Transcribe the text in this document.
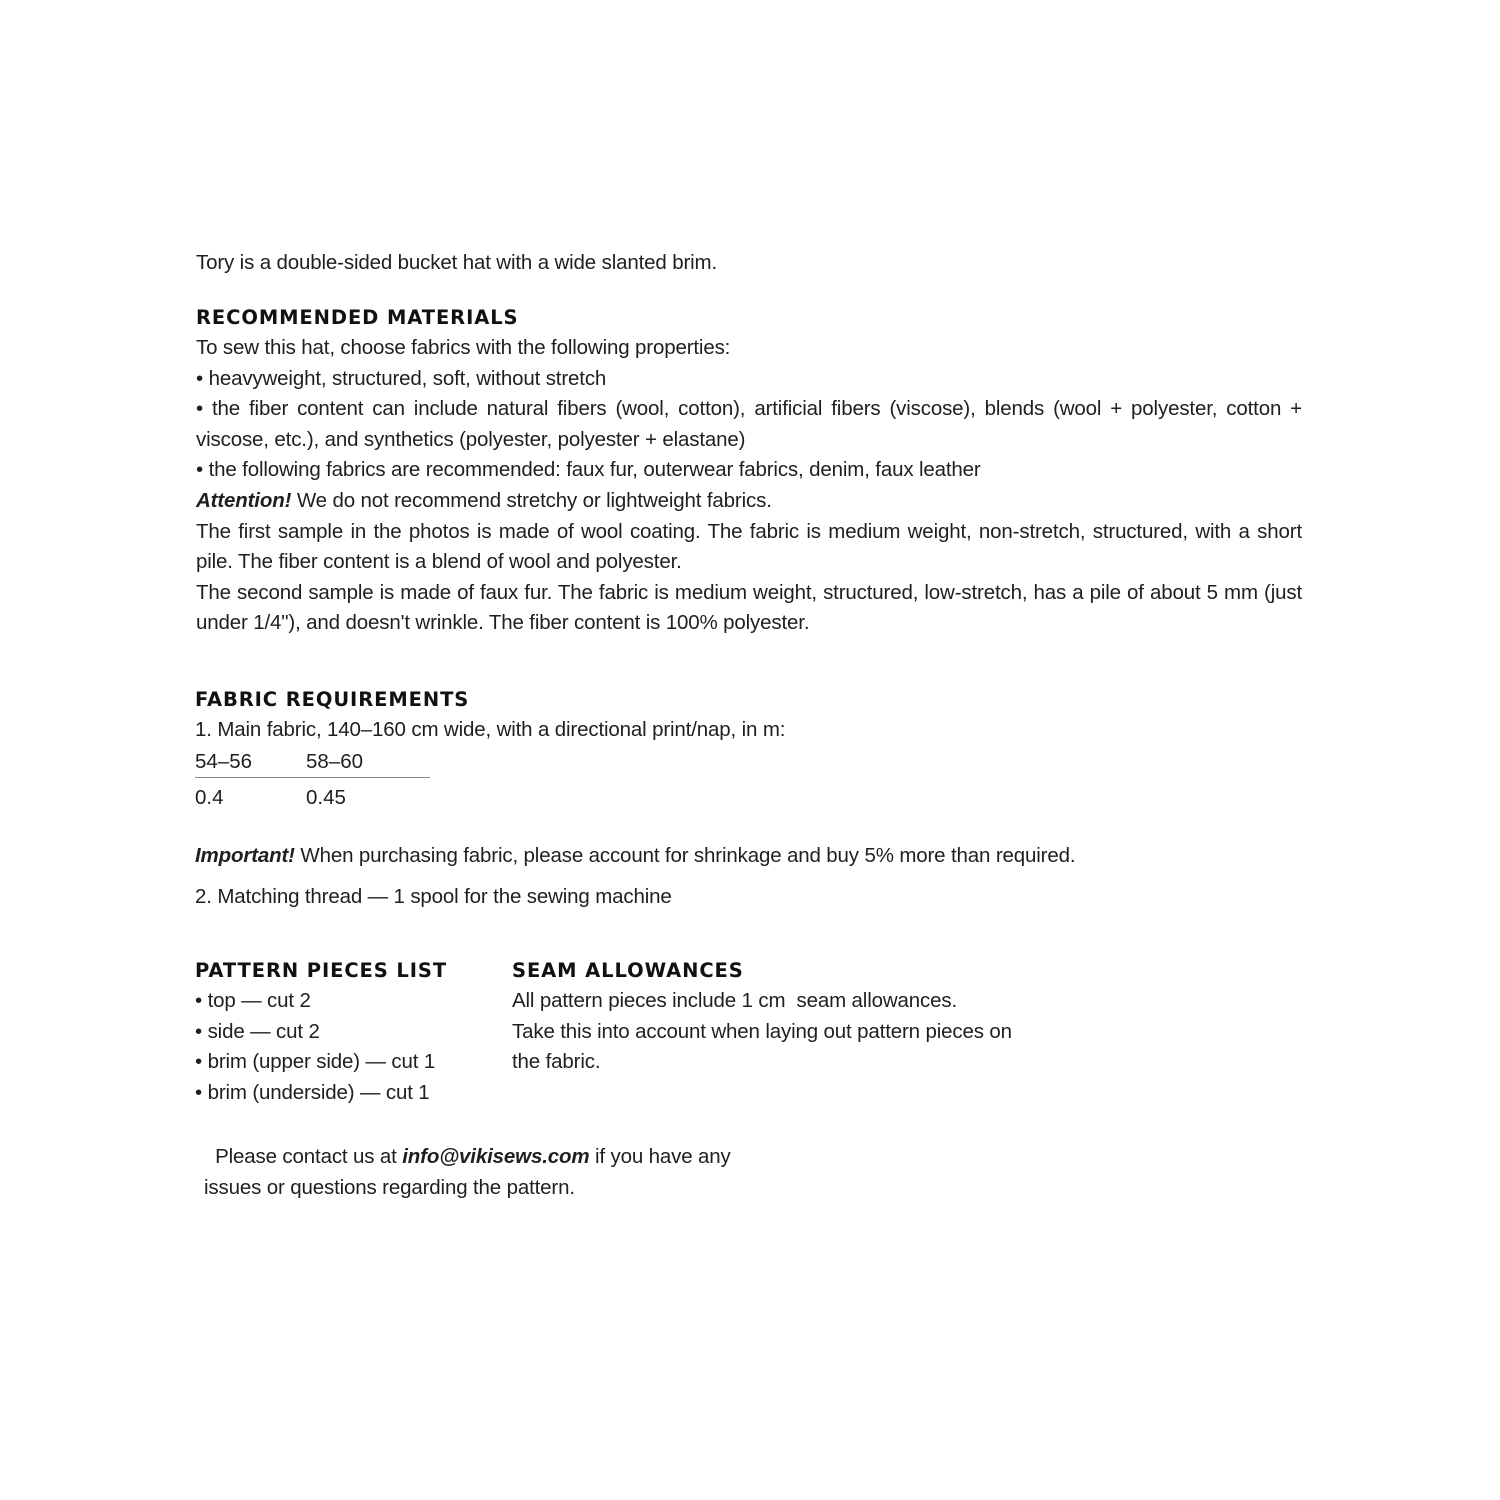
Tory is a double-sided bucket hat with a wide slanted brim.

RECOMMENDED MATERIALS

To sew this hat, choose fabrics with the following properties:

• heavyweight, structured, soft, without stretch

• the fiber content can include natural fibers (wool, cotton), artificial fibers (viscose), blends (wool + polyester, cotton +

viscose, etc.), and synthetics (polyester, polyester + elastane)

• the following fabrics are recommended: faux fur, outerwear fabrics, denim, faux leather

Attention! We do not recommend stretchy or lightweight fabrics.

The first sample in the photos is made of wool coating. The fabric is medium weight, non-stretch, structured, with a short

pile. The fiber content is a blend of wool and polyester.

The second sample is made of faux fur. The fabric is medium weight, structured, low-stretch, has a pile of about 5 mm (just

under 1/4"), and doesn't wrinkle. The fiber content is 100% polyester.

FABRIC REQUIREMENTS

1. Main fabric, 140–160 cm wide, with a directional print/nap, in m:

54–56	58–60
0.4	0.45

Important! When purchasing fabric, please account for shrinkage and buy 5% more than required.

2. Matching thread — 1 spool for the sewing machine

PATTERN PIECES LIST

• top — cut 2

• side — cut 2

• brim (upper side) — cut 1

• brim (underside) — cut 1

SEAM ALLOWANCES

All pattern pieces include 1 cm  seam allowances.

Take this into account when laying out pattern pieces on

the fabric.

Please contact us at info@vikisews.com if you have any

issues or questions regarding the pattern.
